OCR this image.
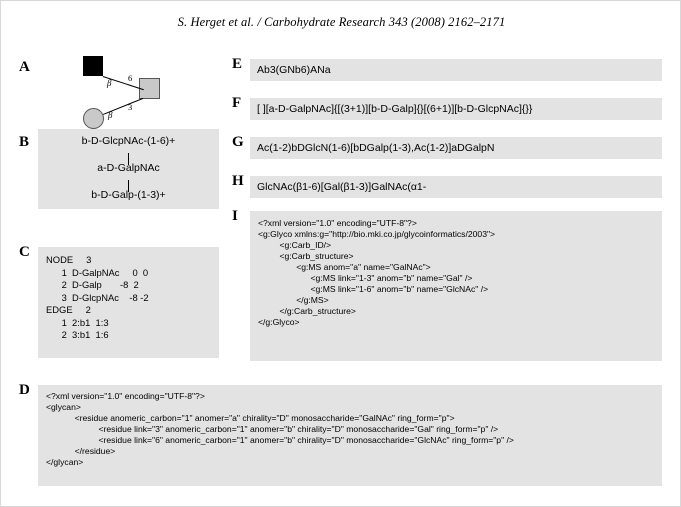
S. Herget et al. / Carbohydrate Research 343 (2008) 2162–2171
A
β 6
3
β
B	b-D-GlcpNAc-(1-6)+
a-D-GalpNAc
b-D-Galp-(1-3)+
C NODE     3
1  D-GalpNAc     0  0
2  D-Galp       -8  2
3  D-GlcpNAc    -8 -2
EDGE     2
1  2:b1  1:3
2  3:b1  1:6
D <?xml version="1.0" encoding="UTF-8"?>
<glycan>
<residue anomeric_carbon="1" anomer="a" chirality="D" monosaccharide="GalNAc" ring_form="p">
<residue link="3" anomeric_carbon="1" anomer="b" chirality="D" monosaccharide="Gal" ring_form="p" />
<residue link="6" anomeric_carbon="1" anomer="b" chirality="D" monosaccharide="GlcNAc" ring_form="p" />
</residue>
</glycan>
E Ab3(GNb6)ANa
F [ ][a-D-GalpNAc]{[(3+1)][b-D-Galp]{}[(6+1)][b-D-GlcpNAc]{}}
G Ac(1-2)bDGlcN(1-6)[bDGalp(1-3),Ac(1-2)]aDGalpN
H GlcNAc(β1-6)[Gal(β1-3)]GalNAc(α1-
I <?xml version="1.0" encoding="UTF-8"?>
<g:Glyco xmlns:g="http://bio.mki.co.jp/glycoinformatics/2003">
<g:Carb_ID/>
<g:Carb_structure>
<g:MS anom="a" name="GalNAc">
<g:MS link="1-3" anom="b" name="Gal" />
<g:MS link="1-6" anom="b" name="GlcNAc" />
</g:MS>
</g:Carb_structure>
</g:Glyco>
